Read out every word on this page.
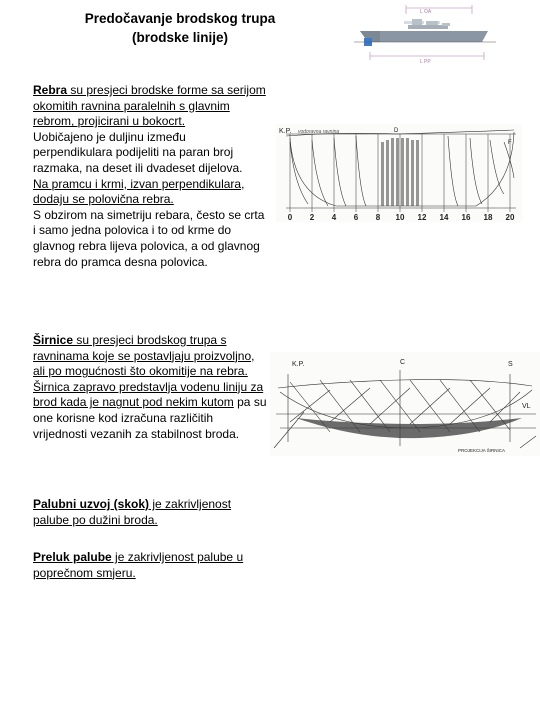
Predočavanje brodskog trupa
(brodske linije)
L OA
L PP

Rebra su presjeci brodske forme sa serijom okomitih ravnina paralelnih s glavnim rebrom, projicirani u bokocrt.

Uobičajeno je duljinu između perpendikulara podijeliti na paran broj razmaka, na deset ili dvadeset dijelova.

Na pramcu i krmi, izvan perpendikulara, dodaju se polovična rebra.

S obzirom na simetriju rebara, često se crta i samo jedna polovica i to od krme do glavnog rebra lijeva polovica, a od glavnog rebra do pramca desna polovica.

K.P. vodoravna ravnina	D
F
0 2 4 6 8 10 12 14 16 18 20

Širnice su presjeci brodskog trupa s ravninama koje se postavljaju proizvoljno, ali po mogućnosti što okomitije na rebra.

Širnica zapravo predstavlja vodenu liniju za brod kada je nagnut pod nekim kutom pa su one korisne kod izračuna različitih vrijednosti vezanih za stabilnost broda.

K.P.	C	S
VL
PROJEKCIJA ŠIRNICA

Palubni uzvoj (skok) je zakrivljenost palube po dužini broda.

Preluk palube je zakrivljenost palube u poprečnom smjeru.
